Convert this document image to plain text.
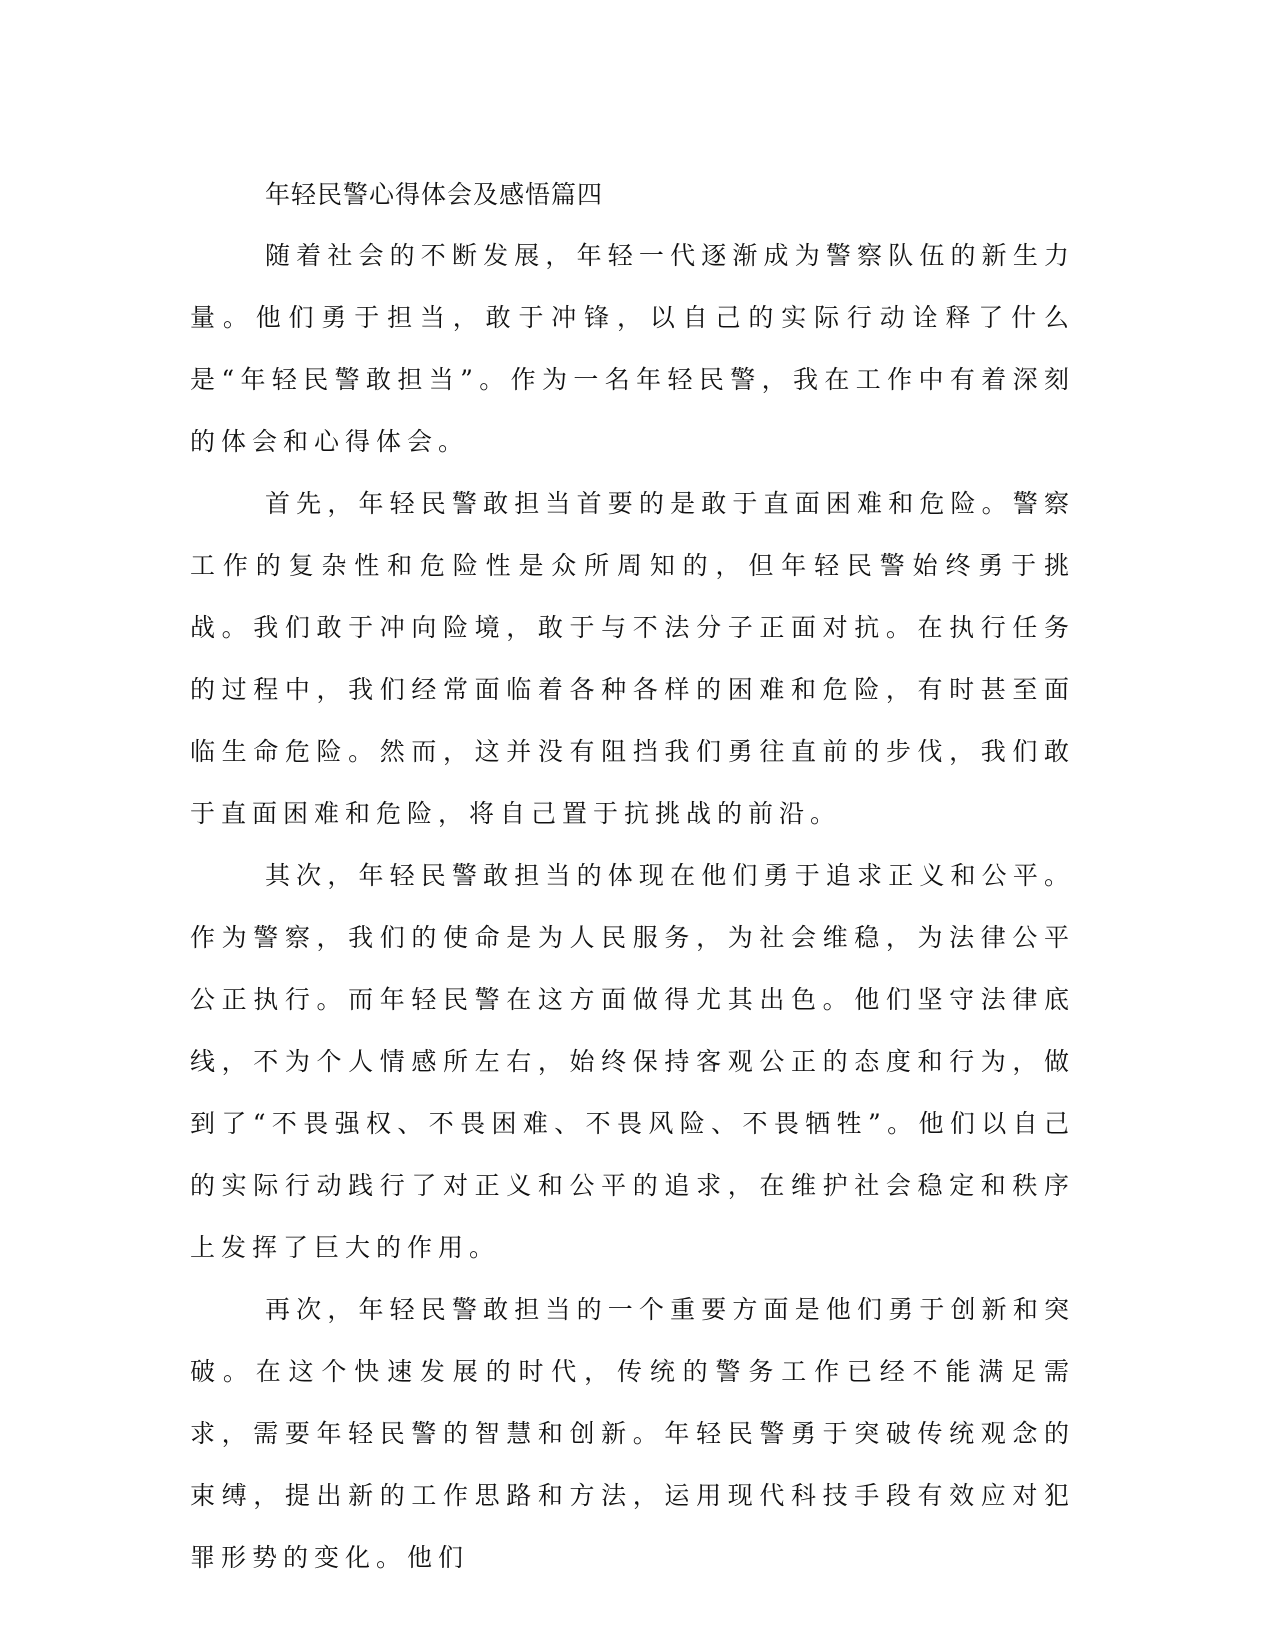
年轻民警心得体会及感悟篇四

随着社会的不断发展，年轻一代逐渐成为警察队伍的新生力量。他们勇于担当，敢于冲锋，以自己的实际行动诠释了什么是“年轻民警敢担当”。作为一名年轻民警，我在工作中有着深刻的体会和心得体会。

首先，年轻民警敢担当首要的是敢于直面困难和危险。警察工作的复杂性和危险性是众所周知的，但年轻民警始终勇于挑战。我们敢于冲向险境，敢于与不法分子正面对抗。在执行任务的过程中，我们经常面临着各种各样的困难和危险，有时甚至面临生命危险。然而，这并没有阻挡我们勇往直前的步伐，我们敢于直面困难和危险，将自己置于抗挑战的前沿。

其次，年轻民警敢担当的体现在他们勇于追求正义和公平。作为警察，我们的使命是为人民服务，为社会维稳，为法律公平公正执行。而年轻民警在这方面做得尤其出色。他们坚守法律底线，不为个人情感所左右，始终保持客观公正的态度和行为，做到了“不畏强权、不畏困难、不畏风险、不畏牺牲”。他们以自己的实际行动践行了对正义和公平的追求，在维护社会稳定和秩序上发挥了巨大的作用。

再次，年轻民警敢担当的一个重要方面是他们勇于创新和突破。在这个快速发展的时代，传统的警务工作已经不能满足需求，需要年轻民警的智慧和创新。年轻民警勇于突破传统观念的束缚，提出新的工作思路和方法，运用现代科技手段有效应对犯罪形势的变化。他们
